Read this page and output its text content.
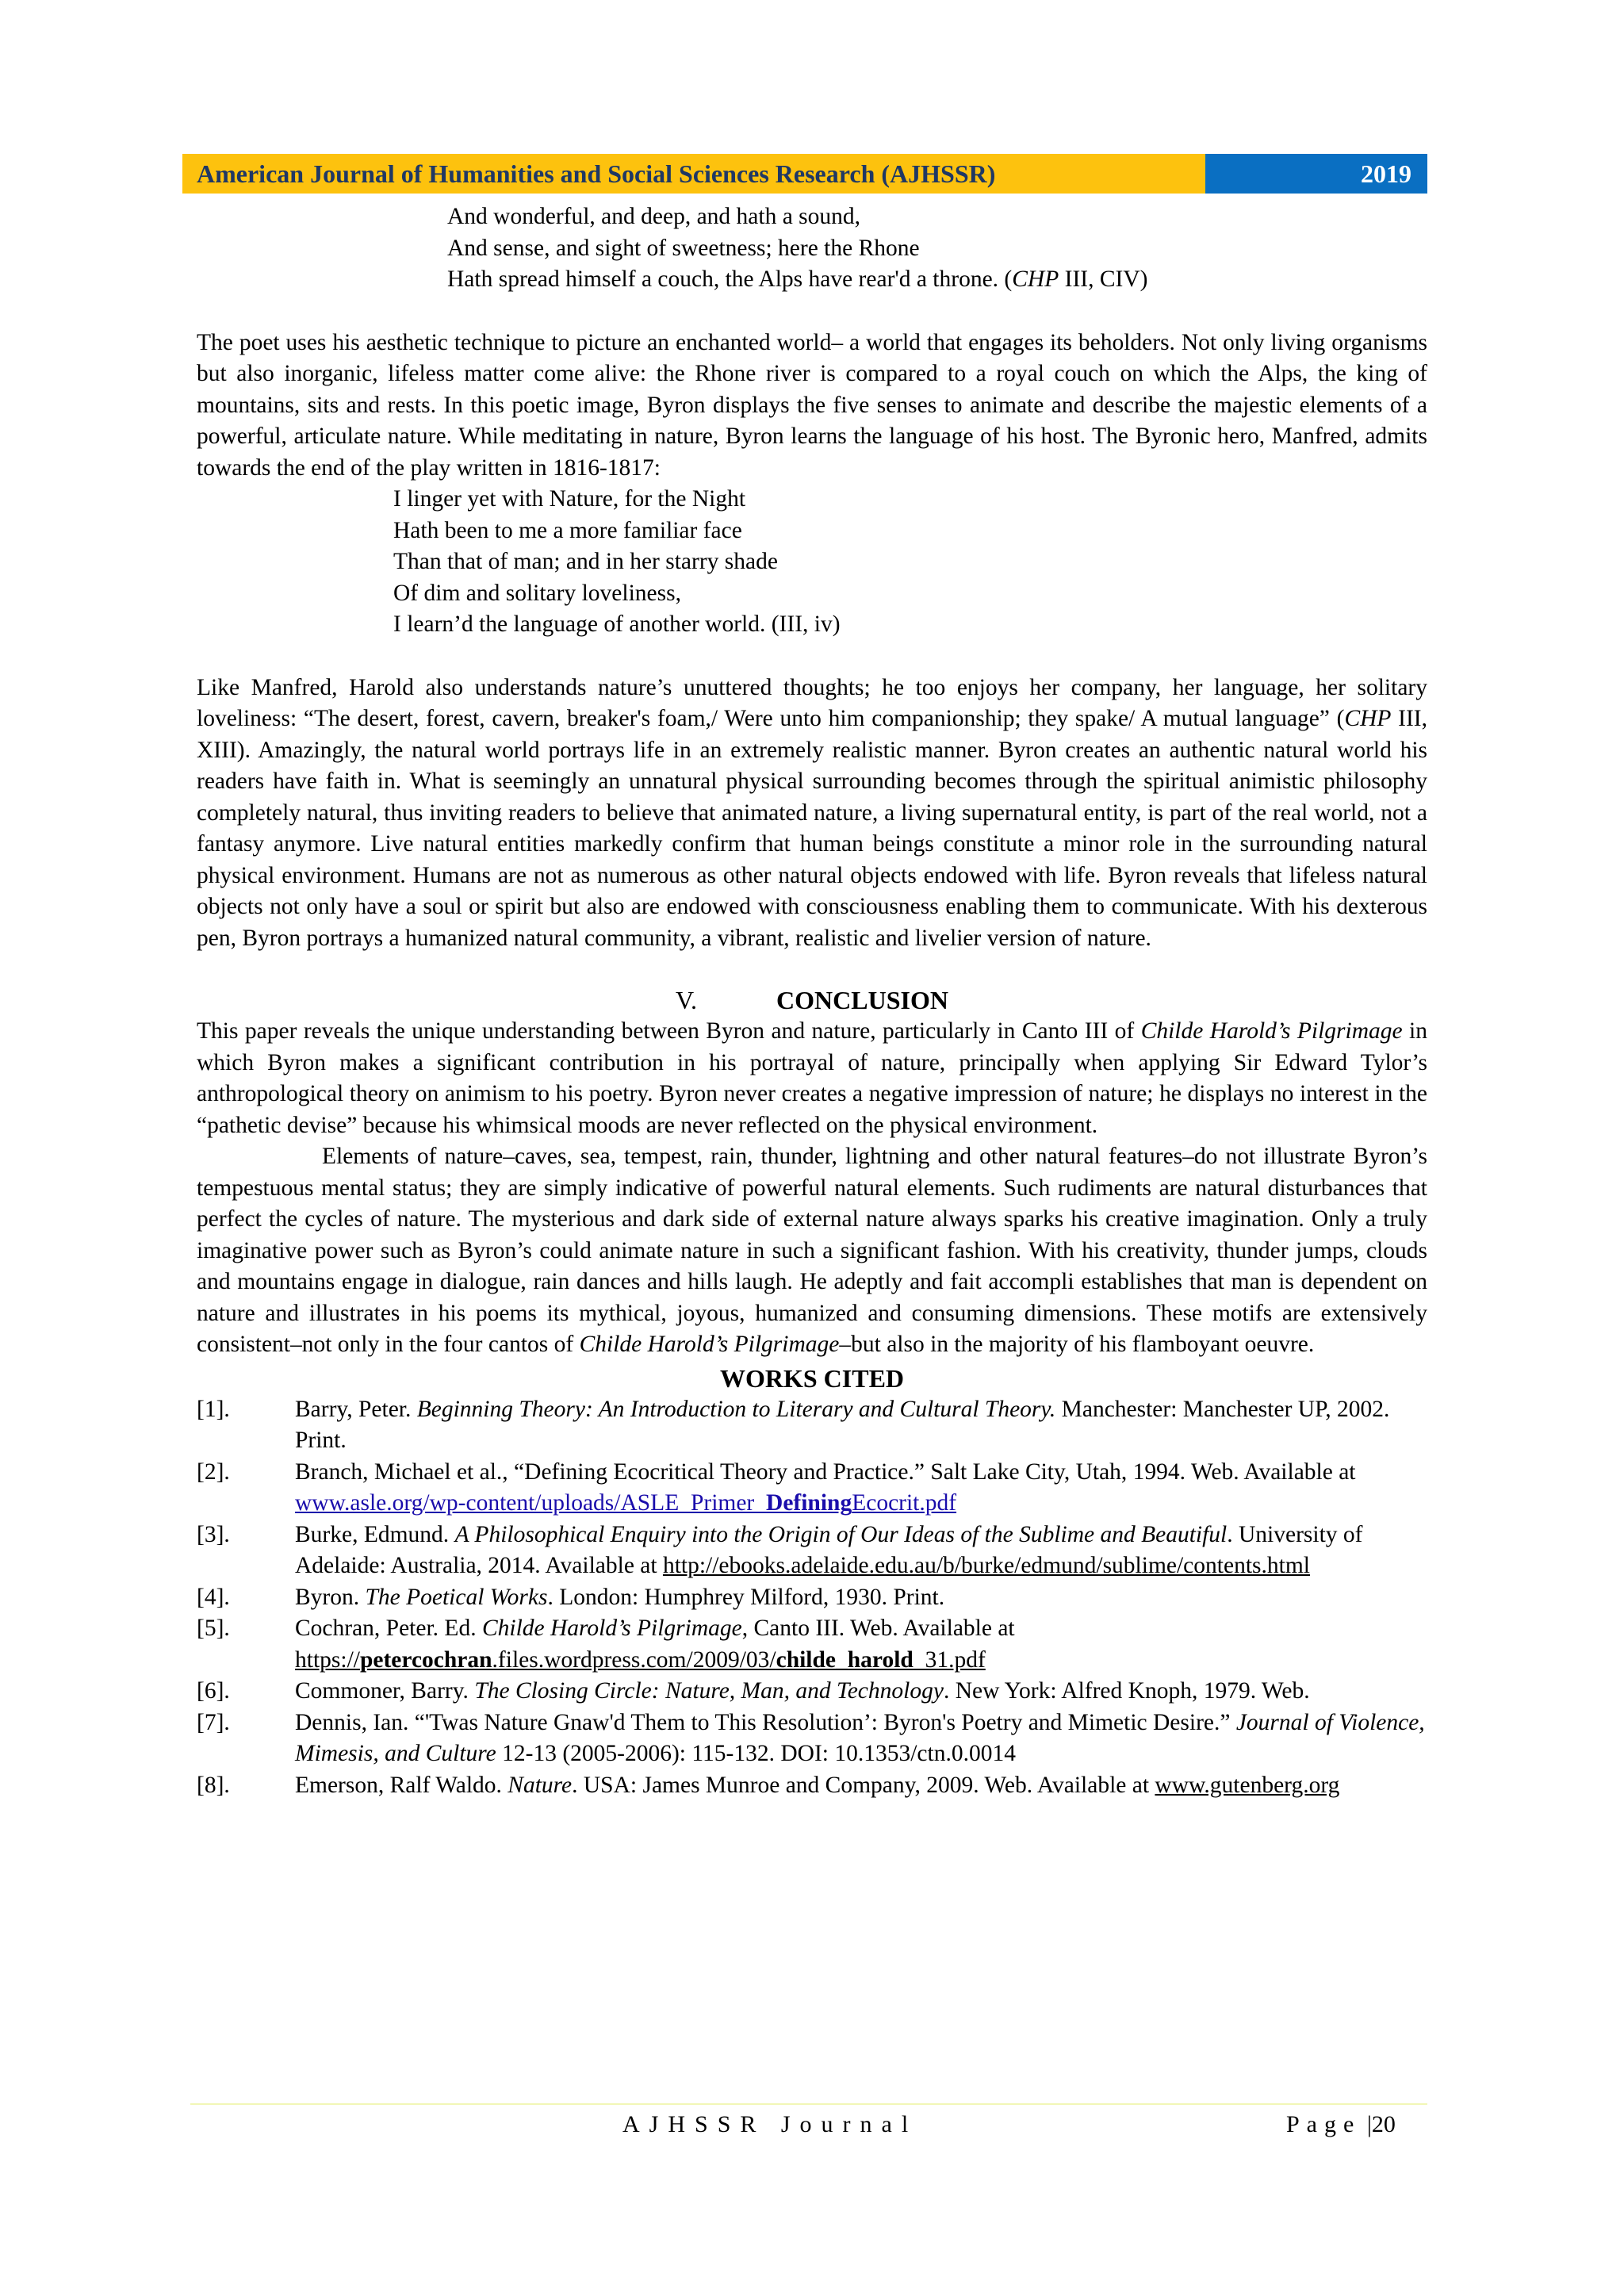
American Journal of Humanities and Social Sciences Research (AJHSSR)	2019
And wonderful, and deep, and hath a sound,
And sense, and sight of sweetness; here the Rhone
Hath spread himself a couch, the Alps have rear'd a throne. (CHP III, CIV)

The poet uses his aesthetic technique to picture an enchanted world– a world that engages its beholders. Not only living organisms but also inorganic, lifeless matter come alive: the Rhone river is compared to a royal couch on which the Alps, the king of mountains, sits and rests. In this poetic image, Byron displays the five senses to animate and describe the majestic elements of a powerful, articulate nature. While meditating in nature, Byron learns the language of his host. The Byronic hero, Manfred, admits towards the end of the play written in 1816-1817:

I linger yet with Nature, for the Night
Hath been to me a more familiar face
Than that of man; and in her starry shade
Of dim and solitary loveliness,
I learn’d the language of another world. (III, iv)

Like Manfred, Harold also understands nature’s unuttered thoughts; he too enjoys her company, her language, her solitary loveliness: “The desert, forest, cavern, breaker's foam,/ Were unto him companionship; they spake/ A mutual language” (CHP III, XIII). Amazingly, the natural world portrays life in an extremely realistic manner. Byron creates an authentic natural world his readers have faith in. What is seemingly an unnatural physical surrounding becomes through the spiritual animistic philosophy completely natural, thus inviting readers to believe that animated nature, a living supernatural entity, is part of the real world, not a fantasy anymore. Live natural entities markedly confirm that human beings constitute a minor role in the surrounding natural physical environment. Humans are not as numerous as other natural objects endowed with life. Byron reveals that lifeless natural objects not only have a soul or spirit but also are endowed with consciousness enabling them to communicate. With his dexterous pen, Byron portrays a humanized natural community, a vibrant, realistic and livelier version of nature.

V.	CONCLUSION

This paper reveals the unique understanding between Byron and nature, particularly in Canto III of Childe Harold’s Pilgrimage in which Byron makes a significant contribution in his portrayal of nature, principally when applying Sir Edward Tylor’s anthropological theory on animism to his poetry. Byron never creates a negative impression of nature; he displays no interest in the “pathetic devise” because his whimsical moods are never reflected on the physical environment.

Elements of nature–caves, sea, tempest, rain, thunder, lightning and other natural features–do not illustrate Byron’s tempestuous mental status; they are simply indicative of powerful natural elements. Such rudiments are natural disturbances that perfect the cycles of nature. The mysterious and dark side of external nature always sparks his creative imagination. Only a truly imaginative power such as Byron’s could animate nature in such a significant fashion. With his creativity, thunder jumps, clouds and mountains engage in dialogue, rain dances and hills laugh. He adeptly and fait accompli establishes that man is dependent on nature and illustrates in his poems its mythical, joyous, humanized and consuming dimensions. These motifs are extensively consistent–not only in the four cantos of Childe Harold’s Pilgrimage–but also in the majority of his flamboyant oeuvre.

WORKS CITED
[1].	Barry, Peter. Beginning Theory: An Introduction to Literary and Cultural Theory. Manchester: Manchester UP, 2002. Print.
[2].	Branch, Michael et al., “Defining Ecocritical Theory and Practice.” Salt Lake City, Utah, 1994. Web. Available at www.asle.org/wp-content/uploads/ASLE_Primer_DefiningEcocrit.pdf
[3].	Burke, Edmund. A Philosophical Enquiry into the Origin of Our Ideas of the Sublime and Beautiful. University of Adelaide: Australia, 2014. Available at http://ebooks.adelaide.edu.au/b/burke/edmund/sublime/contents.html
[4].	Byron. The Poetical Works. London: Humphrey Milford, 1930. Print.
[5].	Cochran, Peter. Ed. Childe Harold’s Pilgrimage, Canto III. Web. Available at https://petercochran.files.wordpress.com/2009/03/childe_harold_31.pdf
[6].	Commoner, Barry. The Closing Circle: Nature, Man, and Technology. New York: Alfred Knoph, 1979. Web.
[7].	Dennis, Ian. “'Twas Nature Gnaw'd Them to This Resolution’: Byron's Poetry and Mimetic Desire.” Journal of Violence, Mimesis, and Culture 12-13 (2005-2006): 115-132. DOI: 10.1353/ctn.0.0014
[8].	Emerson, Ralf Waldo. Nature. USA: James Munroe and Company, 2009. Web. Available at www.gutenberg.org
AJHSSR Journal	Page |20
